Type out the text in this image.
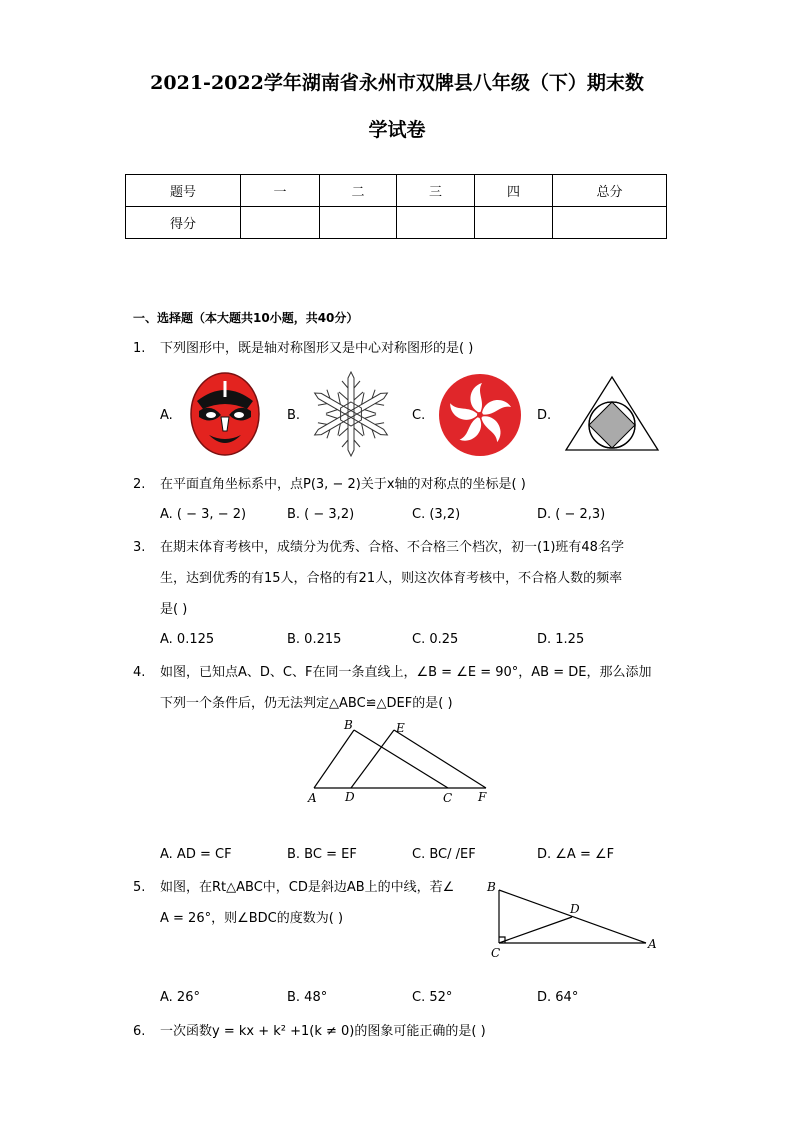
2021-2022学年湖南省永州市双牌县八年级（下）期末数
学试卷
题号	一	二	三	四	总分
得分					
一、选择题（本大题共10小题，共40分）
1.	下列图形中，既是轴对称图形又是中心对称图形的是( )
A.	B.	C.	D.
2.	在平面直角坐标系中，点P(3, − 2)关于x轴的对称点的坐标是( )
A. ( − 3, − 2)	B. ( − 3,2)	C. (3,2)	D. ( − 2,3)
3.	在期末体育考核中，成绩分为优秀、合格、不合格三个档次，初一(1)班有48名学
生，达到优秀的有15人，合格的有21人，则这次体育考核中，不合格人数的频率
是( )
A. 0.125	B. 0.215	C. 0.25	D. 1.25
4.	如图，已知点A、D、C、F在同一条直线上，∠B = ∠E = 90°，AB = DE，那么添加
下列一个条件后，仍无法判定△ABC≌△DEF的是( )
B	E
A D	C F
A. AD = CF	B. BC = EF	C. BC/ /EF	D. ∠A = ∠F
5.	如图，在Rt△ABC中，CD是斜边AB上的中线，若∠
A = 26°，则∠BDC的度数为( )
B
D
C
A
A. 26°	B. 48°	C. 52°	D. 64°
6.	一次函数y = kx + k² +1(k ≠ 0)的图象可能正确的是( )
